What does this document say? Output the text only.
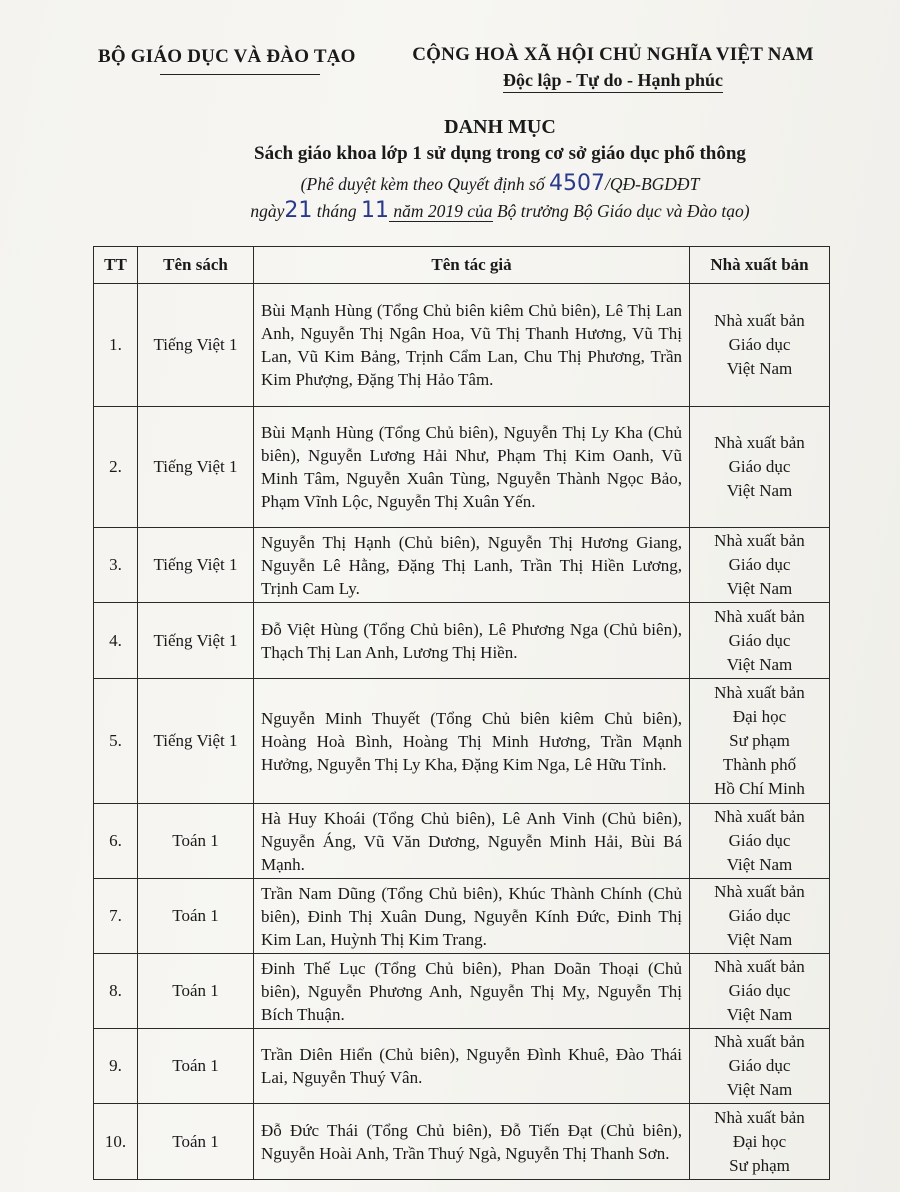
BỘ GIÁO DỤC VÀ ĐÀO TẠO	CỘNG HOÀ XÃ HỘI CHỦ NGHĨA VIỆT NAM
Độc lập - Tự do - Hạnh phúc
DANH MỤC
Sách giáo khoa lớp 1 sử dụng trong cơ sở giáo dục phổ thông
(Phê duyệt kèm theo Quyết định số 4507/QĐ-BGDĐT
ngày21 tháng 11 năm 2019 của Bộ trưởng Bộ Giáo dục và Đào tạo)
TT	Tên sách	Tên tác giả	Nhà xuất bản
1.	Tiếng Việt 1	Bùi Mạnh Hùng (Tổng Chủ biên kiêm Chủ biên), Lê Thị Lan Anh, Nguyễn Thị Ngân Hoa, Vũ Thị Thanh Hương, Vũ Thị Lan, Vũ Kim Bảng, Trịnh Cẩm Lan, Chu Thị Phương, Trần Kim Phượng, Đặng Thị Hảo Tâm.	Nhà xuất bản
Giáo dục
Việt Nam

2.	Tiếng Việt 1	Bùi Mạnh Hùng (Tổng Chủ biên), Nguyễn Thị Ly Kha (Chủ biên), Nguyễn Lương Hải Như, Phạm Thị Kim Oanh, Vũ Minh Tâm, Nguyễn Xuân Tùng, Nguyễn Thành Ngọc Bảo, Phạm Vĩnh Lộc, Nguyễn Thị Xuân Yến.	Nhà xuất bản
Giáo dục
Việt Nam

3.	Tiếng Việt 1	Nguyễn Thị Hạnh (Chủ biên), Nguyễn Thị Hương Giang, Nguyễn Lê Hằng, Đặng Thị Lanh, Trần Thị Hiền Lương, Trịnh Cam Ly.	Nhà xuất bản
Giáo dục
Việt Nam

4.	Tiếng Việt 1	Đỗ Việt Hùng (Tổng Chủ biên), Lê Phương Nga (Chủ biên), Thạch Thị Lan Anh, Lương Thị Hiền.	Nhà xuất bản
Giáo dục
Việt Nam

5.	Tiếng Việt 1	Nguyễn Minh Thuyết (Tổng Chủ biên kiêm Chủ biên), Hoàng Hoà Bình, Hoàng Thị Minh Hương, Trần Mạnh Hưởng, Nguyễn Thị Ly Kha, Đặng Kim Nga, Lê Hữu Tỉnh.	Nhà xuất bản
Đại học
Sư phạm
Thành phố
Hồ Chí Minh

6.	Toán 1	Hà Huy Khoái (Tổng Chủ biên), Lê Anh Vinh (Chủ biên), Nguyễn Áng, Vũ Văn Dương, Nguyễn Minh Hải, Bùi Bá Mạnh.	Nhà xuất bản
Giáo dục
Việt Nam

7.	Toán 1	Trần Nam Dũng (Tổng Chủ biên), Khúc Thành Chính (Chủ biên), Đinh Thị Xuân Dung, Nguyễn Kính Đức, Đinh Thị Kim Lan, Huỳnh Thị Kim Trang.	Nhà xuất bản
Giáo dục
Việt Nam

8.	Toán 1	Đinh Thế Lục (Tổng Chủ biên), Phan Doãn Thoại (Chủ biên), Nguyễn Phương Anh, Nguyễn Thị Mỵ, Nguyễn Thị Bích Thuận.	Nhà xuất bản
Giáo dục
Việt Nam

9.	Toán 1	Trần Diên Hiển (Chủ biên), Nguyễn Đình Khuê, Đào Thái Lai, Nguyễn Thuý Vân.	Nhà xuất bản
Giáo dục
Việt Nam

10.	Toán 1	Đỗ Đức Thái (Tổng Chủ biên), Đỗ Tiến Đạt (Chủ biên), Nguyễn Hoài Anh, Trần Thuý Ngà, Nguyễn Thị Thanh Sơn.	Nhà xuất bản
Đại học
Sư phạm
